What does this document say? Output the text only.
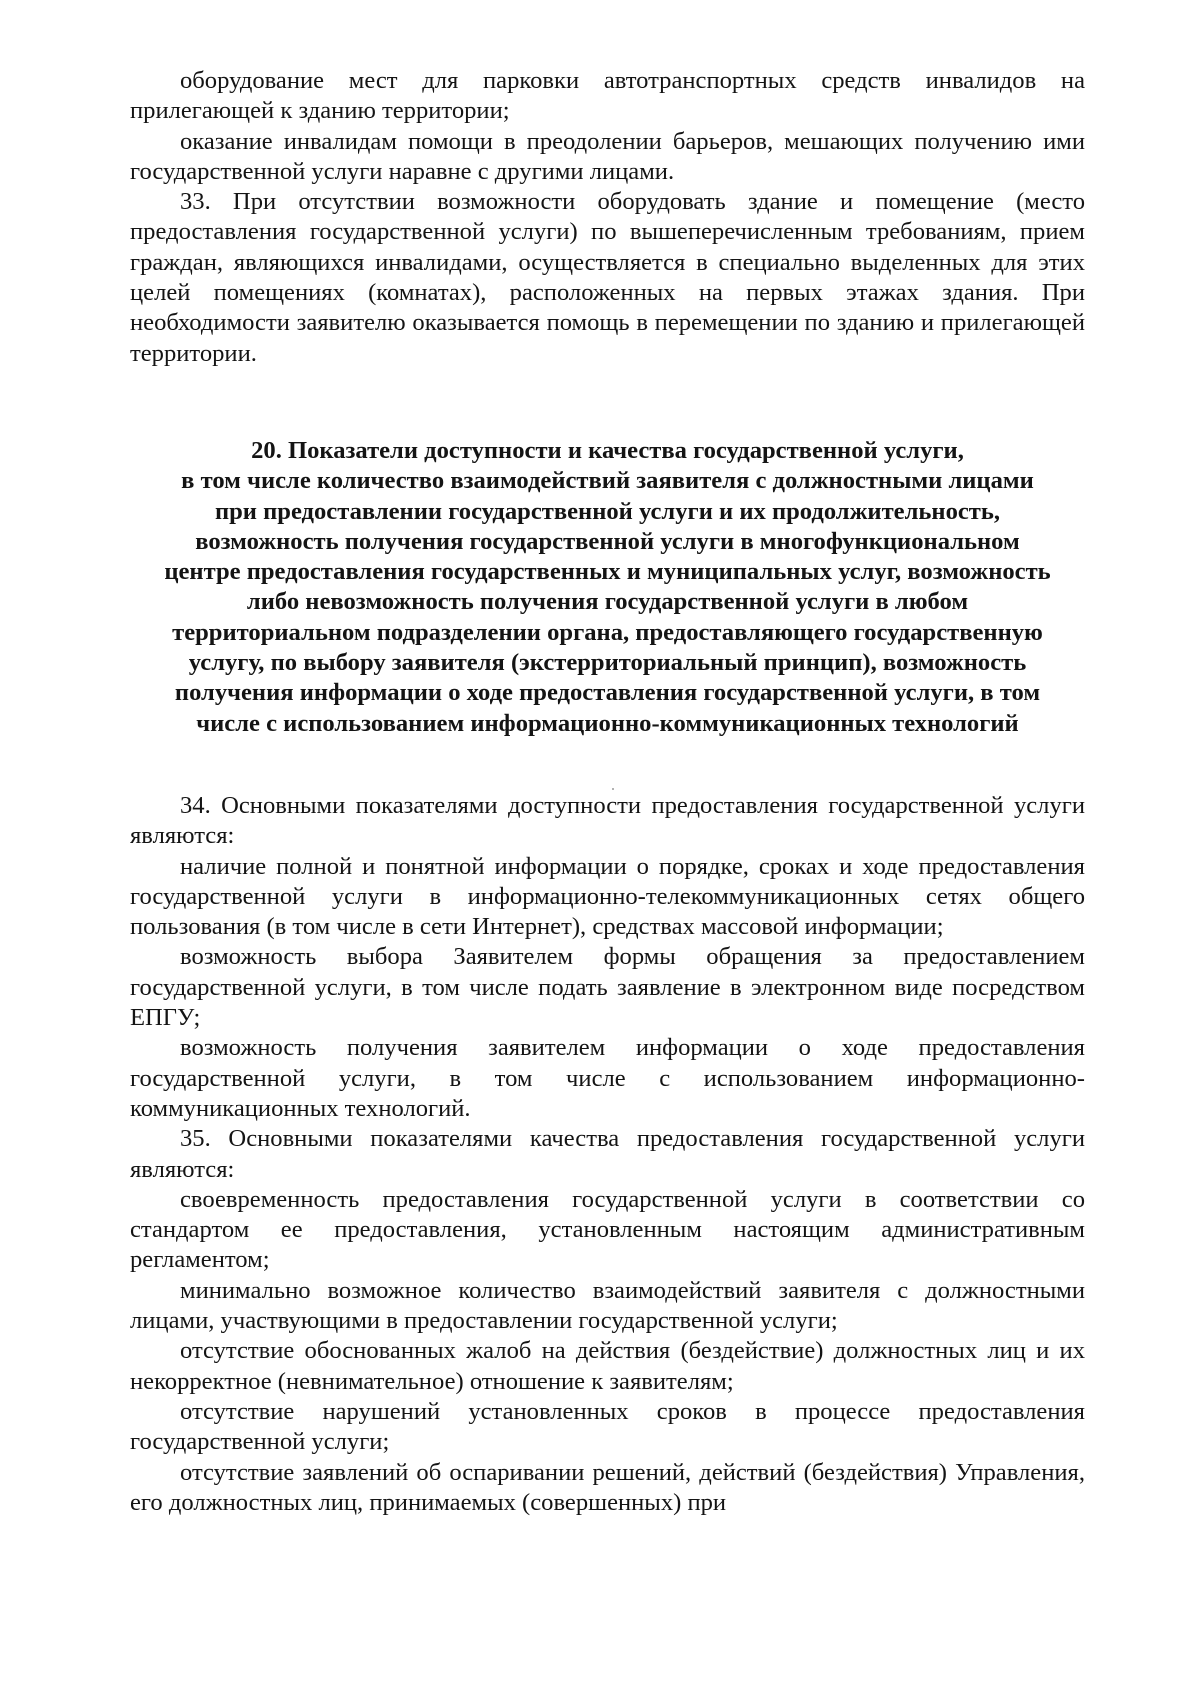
оборудование мест для парковки автотранспортных средств инвалидов на прилегающей к зданию территории;

оказание инвалидам помощи в преодолении барьеров, мешающих получению ими государственной услуги наравне с другими лицами.

33. При отсутствии возможности оборудовать здание и помещение (место предоставления государственной услуги) по вышеперечисленным требованиям, прием граждан, являющихся инвалидами, осуществляется в специально выделенных для этих целей помещениях (комнатах), расположенных на первых этажах здания. При необходимости заявителю оказывается помощь в перемещении по зданию и прилегающей территории.

20. Показатели доступности и качества государственной услуги,
в том числе количество взаимодействий заявителя с должностными лицами
при предоставлении государственной услуги и их продолжительность,
возможность получения государственной услуги в многофункциональном
центре предоставления государственных и муниципальных услуг, возможность
либо невозможность получения государственной услуги в любом
территориальном подразделении органа, предоставляющего государственную
услугу, по выбору заявителя (экстерриториальный принцип), возможность
получения информации о ходе предоставления государственной услуги, в том
числе с использованием информационно-коммуникационных технологий

34. Основными показателями доступности предоставления государственной услуги являются:

наличие полной и понятной информации о порядке, сроках и ходе предоставления государственной услуги в информационно-телекоммуникационных сетях общего пользования (в том числе в сети Интернет), средствах массовой информации;

возможность выбора Заявителем формы обращения за предоставлением государственной услуги, в том числе подать заявление в электронном виде посредством ЕПГУ;

возможность получения заявителем информации о ходе предоставления государственной услуги, в том числе с использованием информационно-коммуникационных технологий.

35. Основными показателями качества предоставления государственной услуги являются:

своевременность предоставления государственной услуги в соответствии со стандартом ее предоставления, установленным настоящим административным регламентом;

минимально возможное количество взаимодействий заявителя с должностными лицами, участвующими в предоставлении государственной услуги;

отсутствие обоснованных жалоб на действия (бездействие) должностных лиц и их некорректное (невнимательное) отношение к заявителям;

отсутствие нарушений установленных сроков в процессе предоставления государственной услуги;

отсутствие заявлений об оспаривании решений, действий (бездействия) Управления, его должностных лиц, принимаемых (совершенных) при
